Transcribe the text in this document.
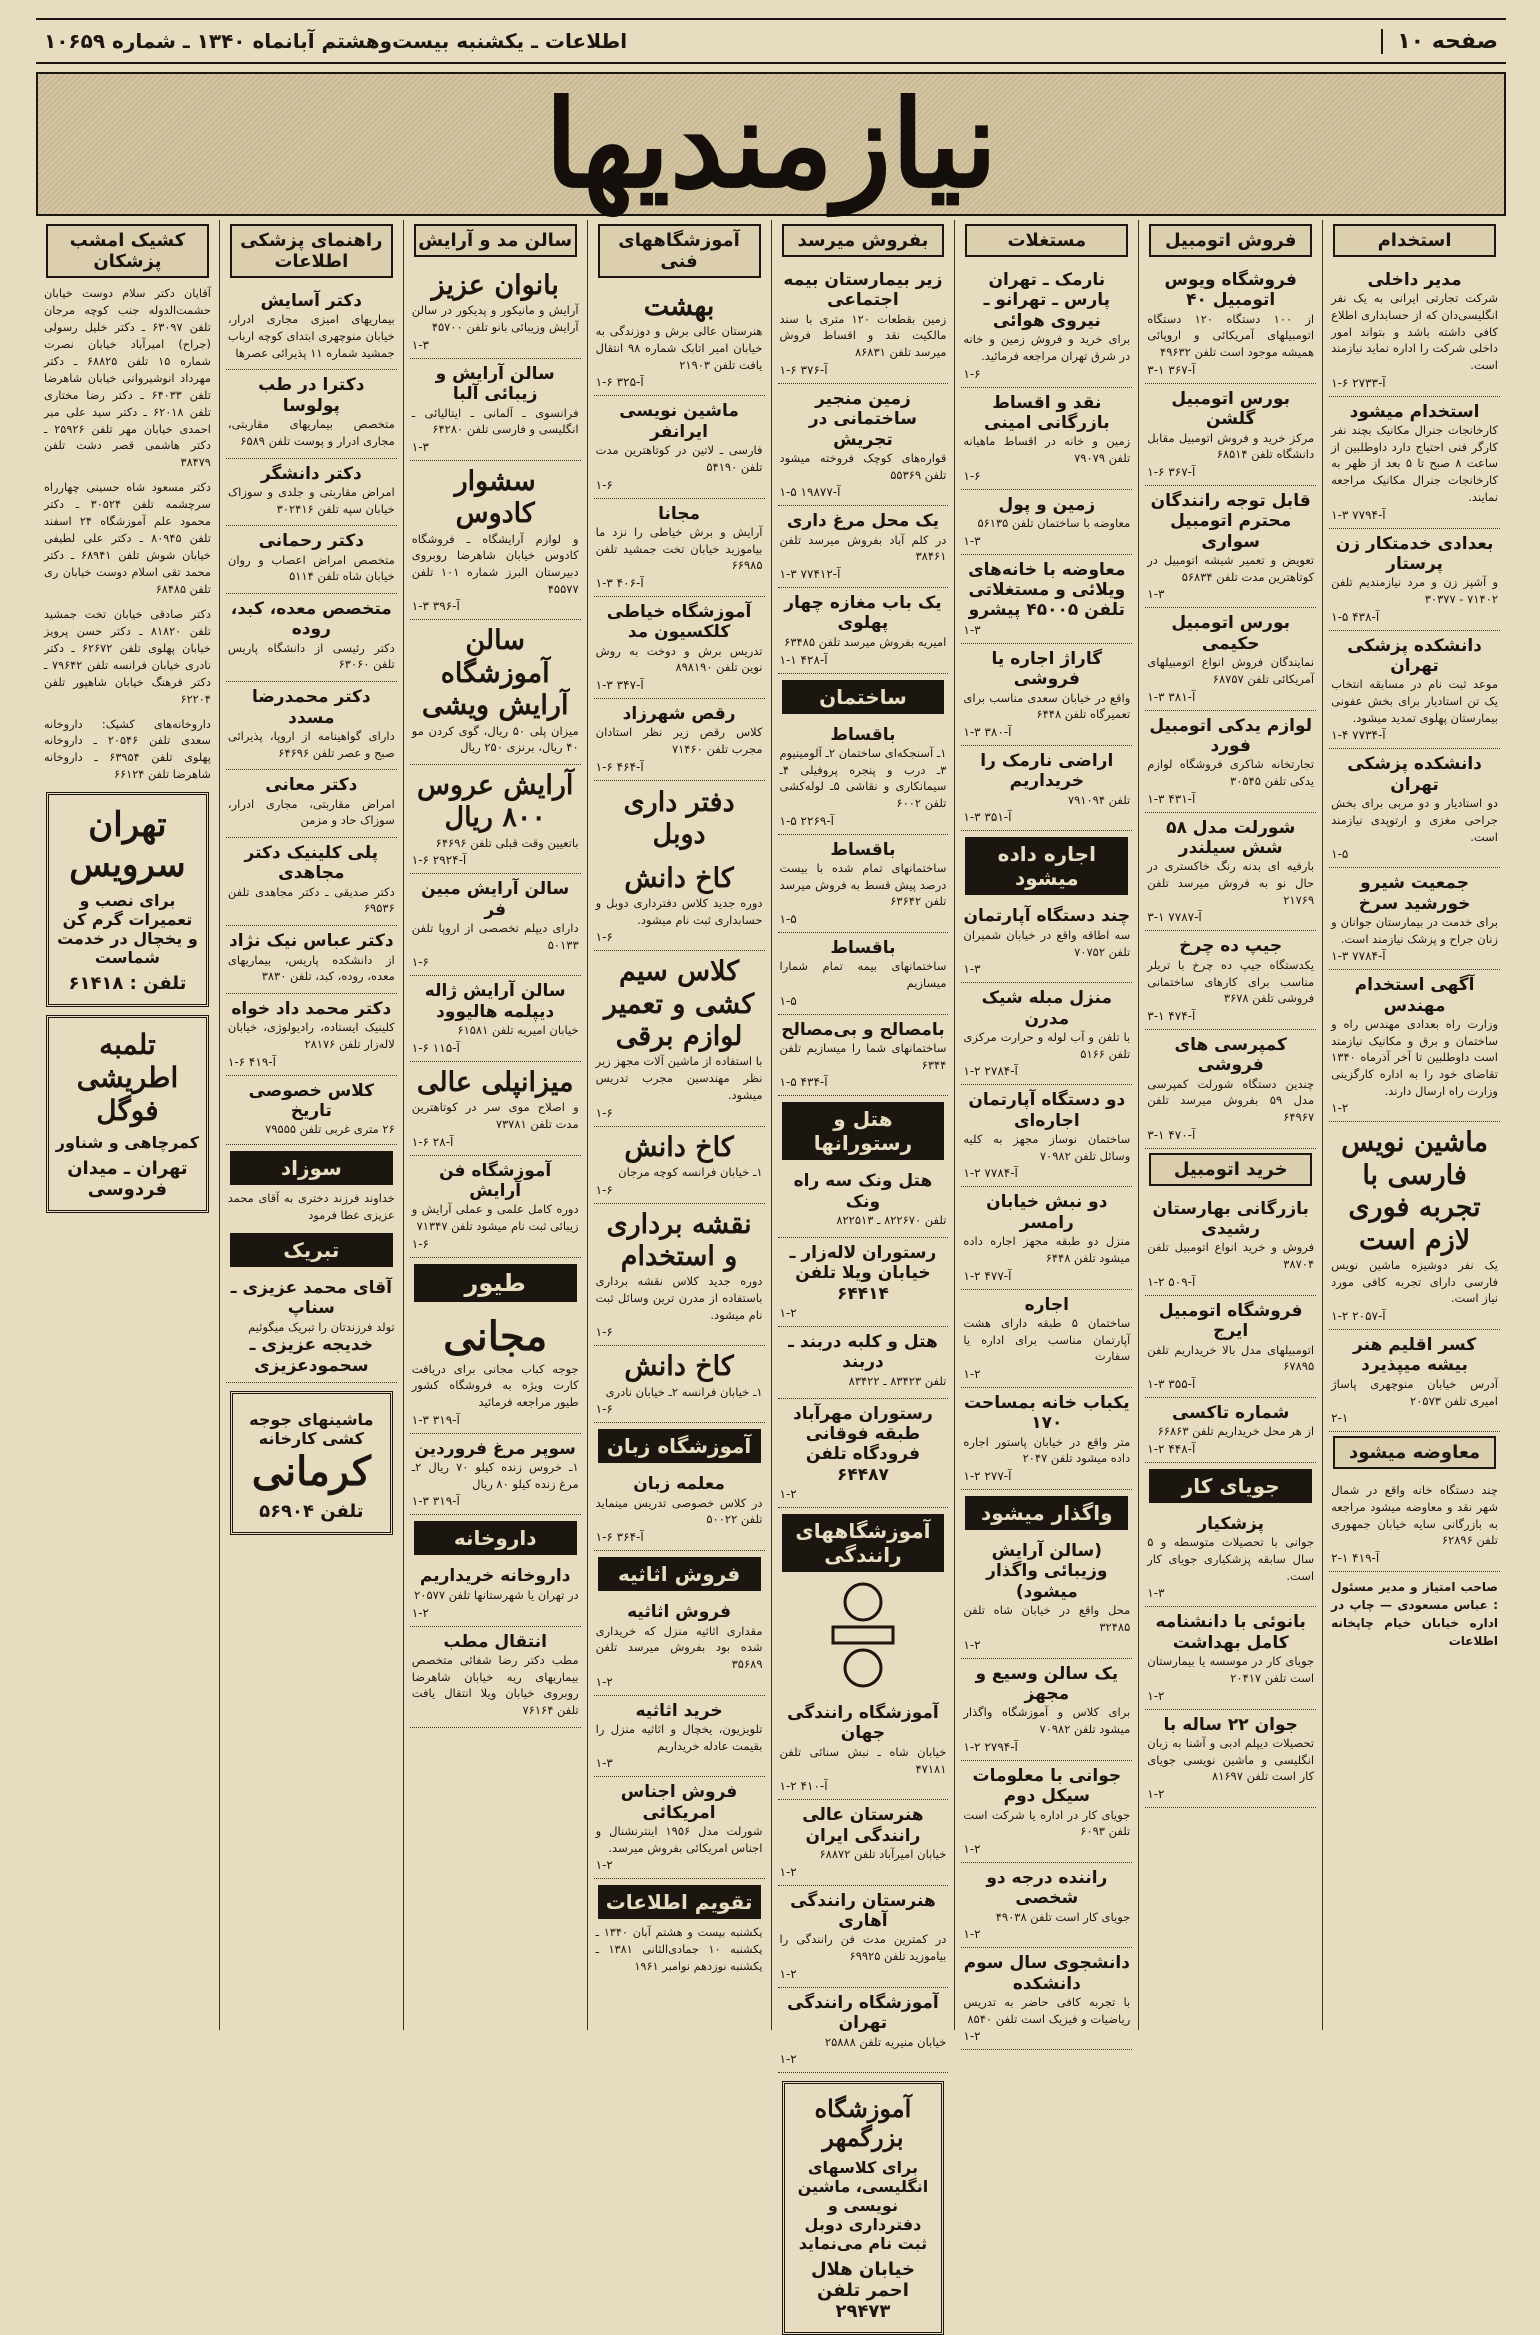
صفحه ۱۰
اطلاعات ـ یکشنبه بیست‌وهشتم آبانماه ۱۳۴۰ ـ شماره ۱۰۶۵۹
نیازمندیها
استخدام
مدیر داخلی
شرکت تجارتی ایرانی به یک نفر انگلیسی‌دان که از حسابداری اطلاع کافی داشته باشد و بتواند امور داخلی شرکت را اداره نماید نیازمند است.
۱-۶ آ-۲۷۳۳
استخدام میشود
کارخانجات جنرال مکانیک بچند نفر کارگر فنی احتیاج دارد داوطلبین از ساعت ۸ صبح تا ۵ بعد از ظهر به کارخانجات جنرال مکانیک مراجعه نمایند.
۱-۳ آ-۷۷۹۴
بعدادی خدمتکار زن پرستار
و آشپز زن و مرد نیازمندیم تلفن ۷۱۴۰۲ - ۳۰۳۷۷
۱-۵ آ-۴۳۸
دانشکده پزشکی تهران
موعد ثبت نام در مسابقه انتخاب یک تن استادیار برای بخش عفونی بیمارستان پهلوی تمدید میشود.
۱-۴ آ-۷۷۳۴
دانشکده پزشکی تهران
دو استادیار و دو مربی برای بخش جراحی مغزی و ارتوپدی نیازمند است.
۱-۵
جمعیت شیرو خورشید سرخ
برای خدمت در بیمارستان جوانان و زنان جراح و پزشک نیازمند است.
۱-۳ آ-۷۷۸۴
آگهی استخدام مهندس
وزارت راه بعدادی مهندس راه و ساختمان و برق و مکانیک نیازمند است داوطلبین تا آخر آذرماه ۱۳۴۰ تقاضای خود را به اداره کارگزینی وزارت راه ارسال دارند.
۱-۲
ماشین نویس فارسی با تجربه فوری لازم است
یک نفر دوشیزه ماشین نویس فارسی دارای تجربه کافی مورد نیاز است.
۱-۲ آ-۲۰۵۷
کسر اقلیم هنر بیشه میپذیرد
آدرس خیابان منوچهری پاساژ امیری تلفن ۲۰۵۷۳
۲-۱
معاوضه میشود
چند دستگاه خانه واقع در شمال شهر نقد و معاوضه میشود مراجعه به بازرگانی سایه خیابان جمهوری تلفن ۶۲۸۹۶
۲-۱ آ-۴۱۹
صاحب امتیاز و مدیر مسئول : عباس مسعودی — چاپ در اداره خیابان خیام چاپخانه اطلاعات
فروش اتومبیل
فروشگاه ویوس اتومبیل ۴۰
از ۱۰۰ دستگاه ۱۲۰ دستگاه اتومبیلهای آمریکائی و اروپائی همیشه موجود است تلفن ۴۹۶۳۲
۳-۱ آ-۳۶۷
بورس اتومبیل گلشن
مرکز خرید و فروش اتومبیل مقابل دانشگاه تلفن ۶۸۵۱۴
۱-۶ آ-۳۶۷
قابل توجه رانندگان محترم اتومبیل سواری
تعویض و تعمیر شیشه اتومبیل در کوتاهترین مدت تلفن ۵۶۸۳۴
۱-۳
بورس اتومبیل حکیمی
نمایندگان فروش انواع اتومبیلهای آمریکائی تلفن ۶۸۷۵۷
۱-۳ آ-۳۸۱
لوازم یدکی اتومبیل فورد
تجارتخانه شاکری فروشگاه لوازم یدکی تلفن ۳۰۵۴۵
۱-۳ آ-۴۳۱
شورلت مدل ۵۸ شش سیلندر
بارفیه ای بدنه رنگ خاکستری در حال نو به فروش میرسد تلفن ۲۱۷۶۹
۳-۱ آ-۷۷۸۷
جیپ ده چرخ
یکدستگاه جیپ ده چرخ با تریلر مناسب برای کارهای ساختمانی فروشی تلفن ۳۶۷۸
۳-۱ آ-۴۷۴
کمپرسی های فروشی
چندین دستگاه شورلت کمپرسی مدل ۵۹ بفروش میرسد تلفن ۶۴۹۶۷
۳-۱ آ-۴۷۰
خرید اتومبیل
بازرگانی بهارستان رشیدی
فروش و خرید انواع اتومبیل تلفن ۳۸۷۰۴
۱-۲ آ-۵۰۹
فروشگاه اتومبیل ایرج
اتومبیلهای مدل بالا خریداریم تلفن ۶۷۸۹۵
۱-۳ آ-۳۵۵
شماره تاکسی
از هر محل خریداریم تلفن ۶۶۸۶۳
۱-۲ آ-۴۴۸
جویای کار
پزشکیار
جوانی با تحصیلات متوسطه و ۵ سال سابقه پزشکیاری جویای کار است.
۱-۳
بانوئی با دانشنامه کامل بهداشت
جویای کار در موسسه یا بیمارستان است تلفن ۲۰۴۱۷
۱-۲
جوان ۲۲ ساله با
تحصیلات دیپلم ادبی و آشنا به زبان انگلیسی و ماشین نویسی جویای کار است تلفن ۸۱۶۹۷
۱-۲
مستغلات
نارمک ـ تهران پارس ـ تهرانو ـ نیروی هوائی
برای خرید و فروش زمین و خانه در شرق تهران مراجعه فرمائید.
۱-۶
نقد و اقساط بازرگانی امینی
زمین و خانه در اقساط ماهیانه تلفن ۷۹۰۷۹
۱-۶
زمین و پول
معاوضه با ساختمان تلفن ۵۶۱۳۵
۱-۳
معاوضه با خانه‌های ویلائی و مستغلاتی تلفن ۴۵۰۰۵ پیشرو
۱-۳
گاراژ اجاره یا فروشی
واقع در خیابان سعدی مناسب برای تعمیرگاه تلفن ۶۴۴۸
۱-۳ آ-۳۸۰
اراضی نارمک را خریداریم
تلفن ۷۹۱۰۹۴
۱-۳ آ-۳۵۱
اجاره داده میشود
چند دستگاه آپارتمان
سه اطاقه واقع در خیابان شمیران تلفن ۷۰۷۵۲
۱-۳
منزل مبله شیک مدرن
با تلفن و آب لوله و حرارت مرکزی تلفن ۵۱۶۶
۱-۲ آ-۲۷۸۴
دو دستگاه آپارتمان اجاره‌ای
ساختمان نوساز مجهز به کلیه وسائل تلفن ۷۰۹۸۲
۱-۲ آ-۷۷۸۴
دو نبش خیابان رامسر
منزل دو طبقه مجهز اجاره داده میشود تلفن ۶۴۴۸
۱-۲ آ-۴۷۷
اجاره
ساختمان ۵ طبقه دارای هشت آپارتمان مناسب برای اداره یا سفارت
۱-۲
یکباب خانه بمساحت ۱۷۰
متر واقع در خیابان پاستور اجاره داده میشود تلفن ۲۰۴۷
۱-۲ آ-۲۷۷
واگذار میشود
(سالن آرایش وزیبائی واگذار میشود)
محل واقع در خیابان شاه تلفن ۳۲۴۸۵
۱-۲
یک سالن وسیع و مجهز
برای کلاس و آموزشگاه واگذار میشود تلفن ۷۰۹۸۲
۱-۲ آ-۲۷۹۴
جوانی با معلومات سیکل دوم
جویای کار در اداره یا شرکت است تلفن ۶۰۹۳
۱-۲
راننده درجه دو شخصی
جویای کار است تلفن ۴۹۰۳۸
۱-۲
دانشجوی سال سوم دانشکده
با تجربه کافی حاضر به تدریس ریاضیات و فیزیک است تلفن ۸۵۴۰
۱-۲
بفروش میرسد
زیر بیمارستان بیمه اجتماعی
زمین بقطعات ۱۲۰ متری با سند مالکیت نقد و اقساط فروش میرسد تلفن ۸۶۸۳۱
۱-۶ آ-۳۷۶
زمین منجیر ساختمانی در تجریش
قواره‌های کوچک فروخته میشود تلفن ۵۵۳۶۹
۱-۵ آ-۱۹۸۷۷
یک محل مرغ داری
در کلم آباد بفروش میرسد تلفن ۳۸۴۶۱
۱-۳ آ-۷۷۴۱۲
یک باب مغازه چهار پهلوی
امیریه بفروش میرسد تلفن ۶۳۴۸۵
۱-۱ آ-۴۲۸
ساختمان
باقساط
۱ـ آسنجکه‌ای ساختمان ۲ـ آلومینیوم ۳ـ درب و پنجره پروفیلی ۴ـ سیمانکاری و نقاشی ۵ـ لوله‌کشی تلفن ۶۰۰۲
۱-۵ آ-۲۲۶۹
باقساط
ساختمانهای تمام شده با بیست درصد پیش قسط به فروش میرسد تلفن ۶۳۶۴۲
۱-۵
باقساط
ساختمانهای بیمه تمام شمارا میسازیم
۱-۵
بامصالح و بی‌مصالح
ساختمانهای شما را میسازیم تلفن ۶۳۴۴
۱-۵ آ-۴۳۴
هتل و رستورانها
هتل ونک سه راه ونک
تلفن ۸۲۲۶۷۰ ـ ۸۲۲۵۱۳
رستوران لاله‌زار ـ خیابان ویلا تلفن ۶۴۴۱۴
۱-۲
هتل و کلبه دربند ـ دربند
تلفن ۸۳۴۲۳ ـ ۸۳۴۲۲
رستوران مهرآباد طبقه فوقانی فرودگاه تلفن ۶۴۴۸۷
۱-۲
آموزشگاههای رانندگی
آموزشگاه رانندگی جهان
خیابان شاه ـ نبش سنائی تلفن ۴۷۱۸۱
۱-۲ آ-۴۱۰
هنرستان عالی رانندگی ایران
خیابان امیرآباد تلفن ۶۸۸۷۲
۱-۲
هنرستان رانندگی آهاری
در کمترین مدت فن رانندگی را بیاموزید تلفن ۶۹۹۲۵
۱-۲
آموزشگاه رانندگی تهران
خیابان منیریه تلفن ۲۵۸۸۸
۱-۲
آموزشگاه بزرگمهر
برای کلاسهای انگلیسی، ماشین نویسی و دفترداری دوبل ثبت نام می‌نماید
خیابان هلال احمر تلفن ۲۹۴۷۳
آموزشگاههای فنی
بهشت
هنرستان عالی برش و دوزندگی به خیابان امیر اتابک شماره ۹۸ انتقال یافت تلفن ۲۱۹۰۳
۱-۶ آ-۳۲۵
ماشین نویسی ایرانفر
فارسی ـ لاتین در کوتاهترین مدت تلفن ۵۴۱۹۰
۱-۶
مجانا
آرایش و برش خیاطی را نزد ما بیاموزید خیابان تخت جمشید تلفن ۶۶۹۸۵
۱-۳ آ-۴۰۶
آموزشگاه خیاطی کلکسیون مد
تدریس برش و دوخت به روش نوین تلفن ۸۹۸۱۹۰
۱-۳ آ-۳۴۷
رقص شهرزاد
کلاس رقص زیر نظر استادان مجرب تلفن ۷۱۴۶۰
۱-۶ آ-۴۶۴
دفتر داری دوبل
کاخ دانش
دوره جدید کلاس دفترداری دوبل و حسابداری ثبت نام میشود.
۱-۶
کلاس سیم کشی و تعمیر لوازم برقی
با استفاده از ماشین آلات مجهز زیر نظر مهندسین مجرب تدریس میشود.
۱-۶
کاخ دانش
۱ـ خیابان فرانسه کوچه مرجان
۱-۶
نقشه برداری و استخدام
دوره جدید کلاس نقشه برداری باستفاده از مدرن ترین وسائل ثبت نام میشود.
۱-۶
کاخ دانش
۱ـ خیابان فرانسه ۲ـ خیابان نادری
۱-۶
آموزشگاه زبان
معلمه زبان
در کلاس خصوصی تدریس مینماید تلفن ۵۰۰۲۲
۱-۶ آ-۳۶۴
فروش اثاثیه
فروش اثاثیه
مقداری اثاثیه منزل که خریداری شده بود بفروش میرسد تلفن ۳۵۶۸۹
۱-۲
خرید اثاثیه
تلویزیون، یخچال و اثاثیه منزل را بقیمت عادله خریداریم
۱-۳
فروش اجناس امریکائی
شورلت مدل ۱۹۵۶ اینترنشنال و اجناس امریکائی بفروش میرسد.
۱-۲
تقویم اطلاعات
یکشنبه بیست و هشتم آبان ۱۳۴۰ ـ یکشنبه ۱۰ جمادی‌الثانی ۱۳۸۱ ـ یکشنبه نوزدهم نوامبر ۱۹۶۱
سالن مد و آرایش
بانوان عزیز
آرایش و مانیکور و پدیکور در سالن آرایش وزیبائی بانو تلفن ۴۵۷۰۰
۱-۳
سالن آرایش و زیبائی آلبا
فرانسوی ـ آلمانی ـ ایتالیائی ـ انگلیسی و فارسی تلفن ۶۴۲۸۰
۱-۳
سشوار کادوس
و لوازم آرایشگاه ـ فروشگاه کادوس خیابان شاهرضا روبروی دبیرستان البرز شماره ۱۰۱ تلفن ۴۵۵۷۷
۱-۳ آ-۳۹۶
سالن آموزشگاه آرایش ویشی
میزان پلی ۵۰ ریال، گوی کردن مو ۴۰ ریال، برنزی ۲۵۰ ریال
آرایش عروس ۸۰۰ ریال
باتعیین وقت قبلی تلفن ۶۴۶۹۶
۱-۶ آ-۲۹۲۴
سالن آرایش مبین فر
دارای دیپلم تخصصی از اروپا تلفن ۵۰۱۳۳
۱-۶
سالن آرایش ژاله دیپلمه هالیوود
خیابان امیریه تلفن ۶۱۵۸۱
۱-۶ آ-۱۱۵
میزانپلی عالی
و اصلاح موی سر در کوتاهترین مدت تلفن ۷۳۷۸۱
۱-۶ آ-۲۸
آموزشگاه فن آرایش
دوره کامل علمی و عملی آرایش و زیبائی ثبت نام میشود تلفن ۷۱۳۴۷
۱-۶
طیور
مجانی
جوجه کباب مجانی برای دریافت کارت ویژه به فروشگاه کشور طیور مراجعه فرمائید
۱-۳ آ-۳۱۹
سوپر مرغ فروردین
۱ـ خروس زنده کیلو ۷۰ ریال ۲ـ مرغ زنده کیلو ۸۰ ریال
۱-۳ آ-۳۱۹
داروخانه
داروخانه خریداریم
در تهران یا شهرستانها تلفن ۲۰۵۷۷
۱-۲
انتقال مطب
مطب دکتر رضا شفائی متخصص بیماریهای ریه خیابان شاهرضا روبروی خیابان ویلا انتقال یافت تلفن ۷۶۱۶۴
راهنمای پزشکی اطلاعات
دکتر آسایش
بیماریهای امیزی مجاری ادرار، خیابان منوچهری ابتدای کوچه ارباب جمشید شماره ۱۱ پذیرائی عصرها
دکترا در طب پولوسا
متخصص بیماریهای مقاربتی، مجاری ادرار و پوست تلفن ۶۵۸۹
دکتر دانشگر
امراض مقاربتی و جلدی و سوزاک خیابان سپه تلفن ۳۰۲۴۱۶
دکتر رحمانی
متخصص امراض اعصاب و روان خیابان شاه تلفن ۵۱۱۴
متخصص معده، کبد، روده
دکتر رئیسی از دانشگاه پاریس تلفن ۶۳۰۶۰
دکتر محمدرضا مسدد
دارای گواهینامه از اروپا، پذیرائی صبح و عصر تلفن ۶۴۶۹۶
دکتر معانی
امراض مقاربتی، مجاری ادرار، سوزاک حاد و مزمن
پلی کلینیک دکتر مجاهدی
دکتر صدیقی ـ دکتر مجاهدی تلفن ۶۹۵۳۶
دکتر عباس نیک نژاد
از دانشکده پاریس، بیماریهای معده، روده، کبد، تلفن ۳۸۳۰
دکتر محمد داد خواه
کلینیک ایستاده، رادیولوژی، خیابان لاله‌زار تلفن ۲۸۱۷۶
۱-۶ آ-۴۱۹
کلاس خصوصی تاریخ
۲۶ متری غربی تلفن ۷۹۵۵۵
سوزاد
خداوند فرزند دختری به آقای محمد عزیزی عطا فرمود
تبریک
آقای محمد عزیزی ـ سناپ
تولد فرزندتان را تبریک میگوئیم
خدیجه عزیزی ـ سحمودعزیزی
ماشینهای جوجه کشی کارخانه
کرمانی
تلفن ۵۶۹۰۴
کشیک امشب پزشکان
آقایان دکتر سلام دوست خیابان حشمت‌الدوله جنب کوچه مرجان تلفن ۶۳۰۹۷ ـ دکتر خلیل رسولی (جراح) امیرآباد خیابان نصرت شماره ۱۵ تلفن ۶۸۸۲۵ ـ دکتر مهرداد انوشیروانی خیابان شاهرضا تلفن ۶۴۰۳۳ ـ دکتر رضا مختاری تلفن ۶۲۰۱۸ ـ دکتر سید علی میر احمدی خیابان مهر تلفن ۲۵۹۲۶ ـ دکتر هاشمی قصر دشت تلفن ۳۸۴۷۹
دکتر مسعود شاه حسینی چهارراه سرچشمه تلفن ۳۰۵۲۴ ـ دکتر محمود علم آموزشگاه ۲۴ اسفند تلفن ۸۰۹۴۵ ـ دکتر علی لطیفی خیابان شوش تلفن ۶۸۹۴۱ ـ دکتر محمد تقی اسلام دوست خیابان ری تلفن ۶۸۴۸۵
دکتر صادقی خیابان تخت جمشید تلفن ۸۱۸۲۰ ـ دکتر حسن پرویز خیابان پهلوی تلفن ۶۲۶۷۲ ـ دکتر نادری خیابان فرانسه تلفن ۷۹۶۴۲ ـ دکتر فرهنگ خیابان شاهپور تلفن ۶۲۲۰۴
داروخانه‌های کشیک: داروخانه سعدی تلفن ۲۰۵۴۶ ـ داروخانه پهلوی تلفن ۶۳۹۵۴ ـ داروخانه شاهرضا تلفن ۶۶۱۲۴
تهران سرویس
برای نصب و تعمیرات گرم کن و یخچال در خدمت شماست
تلفن : ۶۱۴۱۸
تلمبه اطریشی فوگل
کمرچاهی و شناور
تهران ـ میدان فردوسی
